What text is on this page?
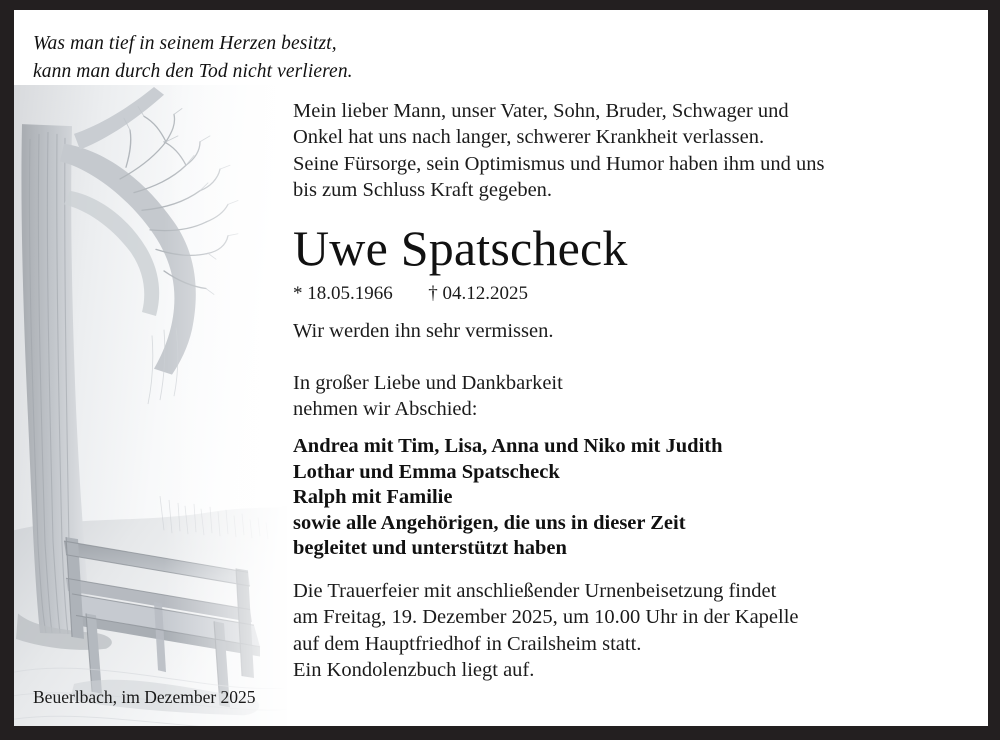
Was man tief in seinem Herzen besitzt,
kann man durch den Tod nicht verlieren.
Beuerlbach, im Dezember 2025
Mein lieber Mann, unser Vater, Sohn, Bruder, Schwager und
Onkel hat uns nach langer, schwerer Krankheit verlassen.
Seine Fürsorge, sein Optimismus und Humor haben ihm und uns
bis zum Schluss Kraft gegeben.
Uwe Spatscheck
* 18.05.1966 † 04.12.2025
Wir werden ihn sehr vermissen.
In großer Liebe und Dankbarkeit
nehmen wir Abschied:
Andrea mit Tim, Lisa, Anna und Niko mit Judith
Lothar und Emma Spatscheck
Ralph mit Familie
sowie alle Angehörigen, die uns in dieser Zeit
begleitet und unterstützt haben
Die Trauerfeier mit anschließender Urnenbeisetzung findet
am Freitag, 19. Dezember 2025, um 10.00 Uhr in der Kapelle
auf dem Hauptfriedhof in Crailsheim statt.
Ein Kondolenzbuch liegt auf.
